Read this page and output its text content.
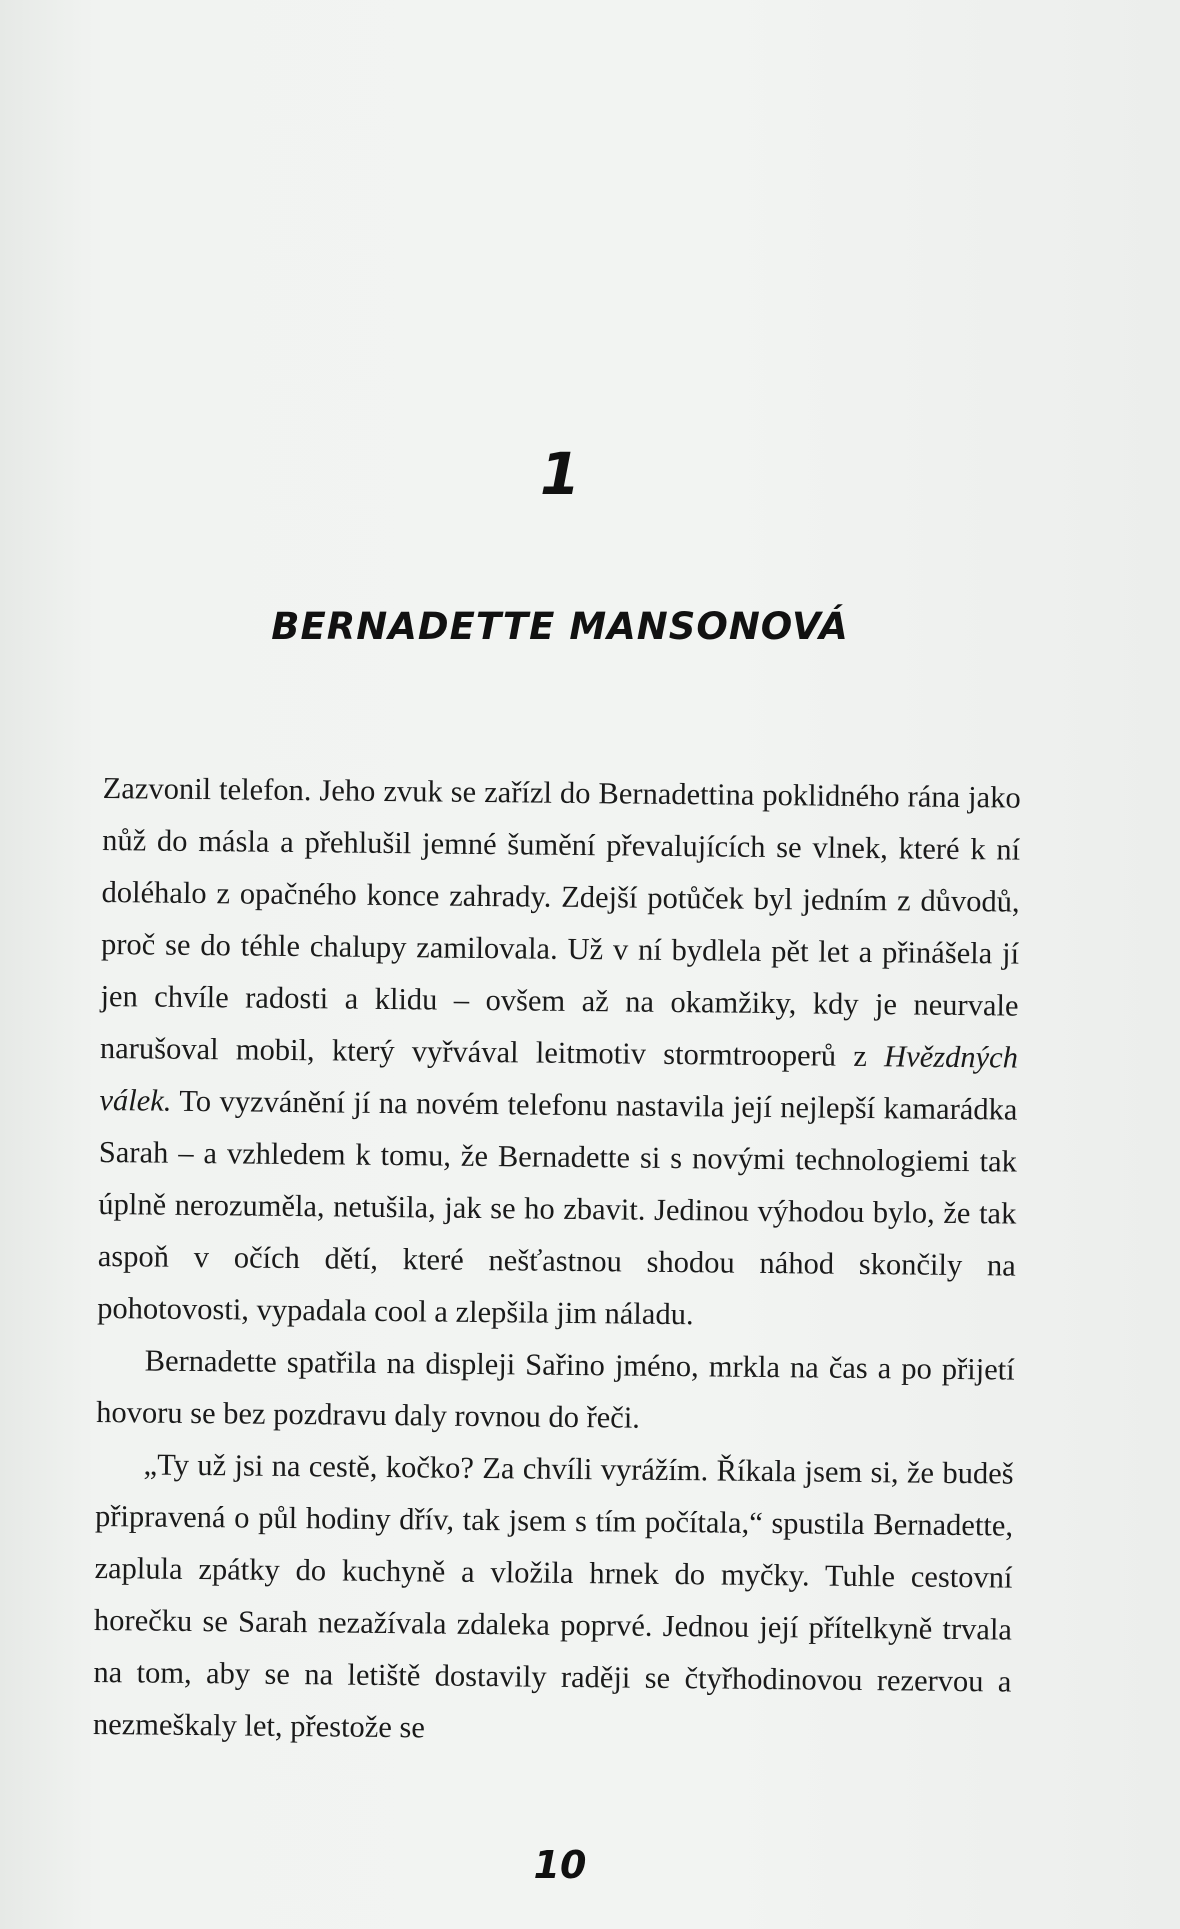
1
BERNADETTE MANSONOVÁ

Zazvonil telefon. Jeho zvuk se zařízl do Bernadettina poklidného rána jako nůž do másla a přehlušil jemné šumění převalujících se vlnek, které k ní doléhalo z opačného konce zahrady. Zdejší potůček byl jedním z důvodů, proč se do téhle chalupy zamilovala. Už v ní bydlela pět let a přinášela jí jen chvíle radosti a klidu – ovšem až na okamžiky, kdy je neurvale narušoval mobil, který vyřvával leitmotiv stormtrooperů z Hvězdných válek. To vyzvánění jí na novém telefonu nastavila její nejlepší kamarádka Sarah – a vzhledem k tomu, že Bernadette si s novými technologiemi tak úplně nerozuměla, netušila, jak se ho zbavit. Jedinou výhodou bylo, že tak aspoň v očích dětí, které nešťastnou shodou náhod skončily na pohotovosti, vypadala cool a zlepšila jim náladu.

Bernadette spatřila na displeji Sařino jméno, mrkla na čas a po přijetí hovoru se bez pozdravu daly rovnou do řeči.

„Ty už jsi na cestě, kočko? Za chvíli vyrážím. Říkala jsem si, že budeš připravená o půl hodiny dřív, tak jsem s tím počítala,“ spustila Bernadette, zaplula zpátky do kuchyně a vložila hrnek do myčky. Tuhle cestovní horečku se Sarah nezažívala zdaleka poprvé. Jednou její přítelkyně trvala na tom, aby se na letiště dostavily raději se čtyřhodinovou rezervou a nezmeškaly let, přestože se

10
